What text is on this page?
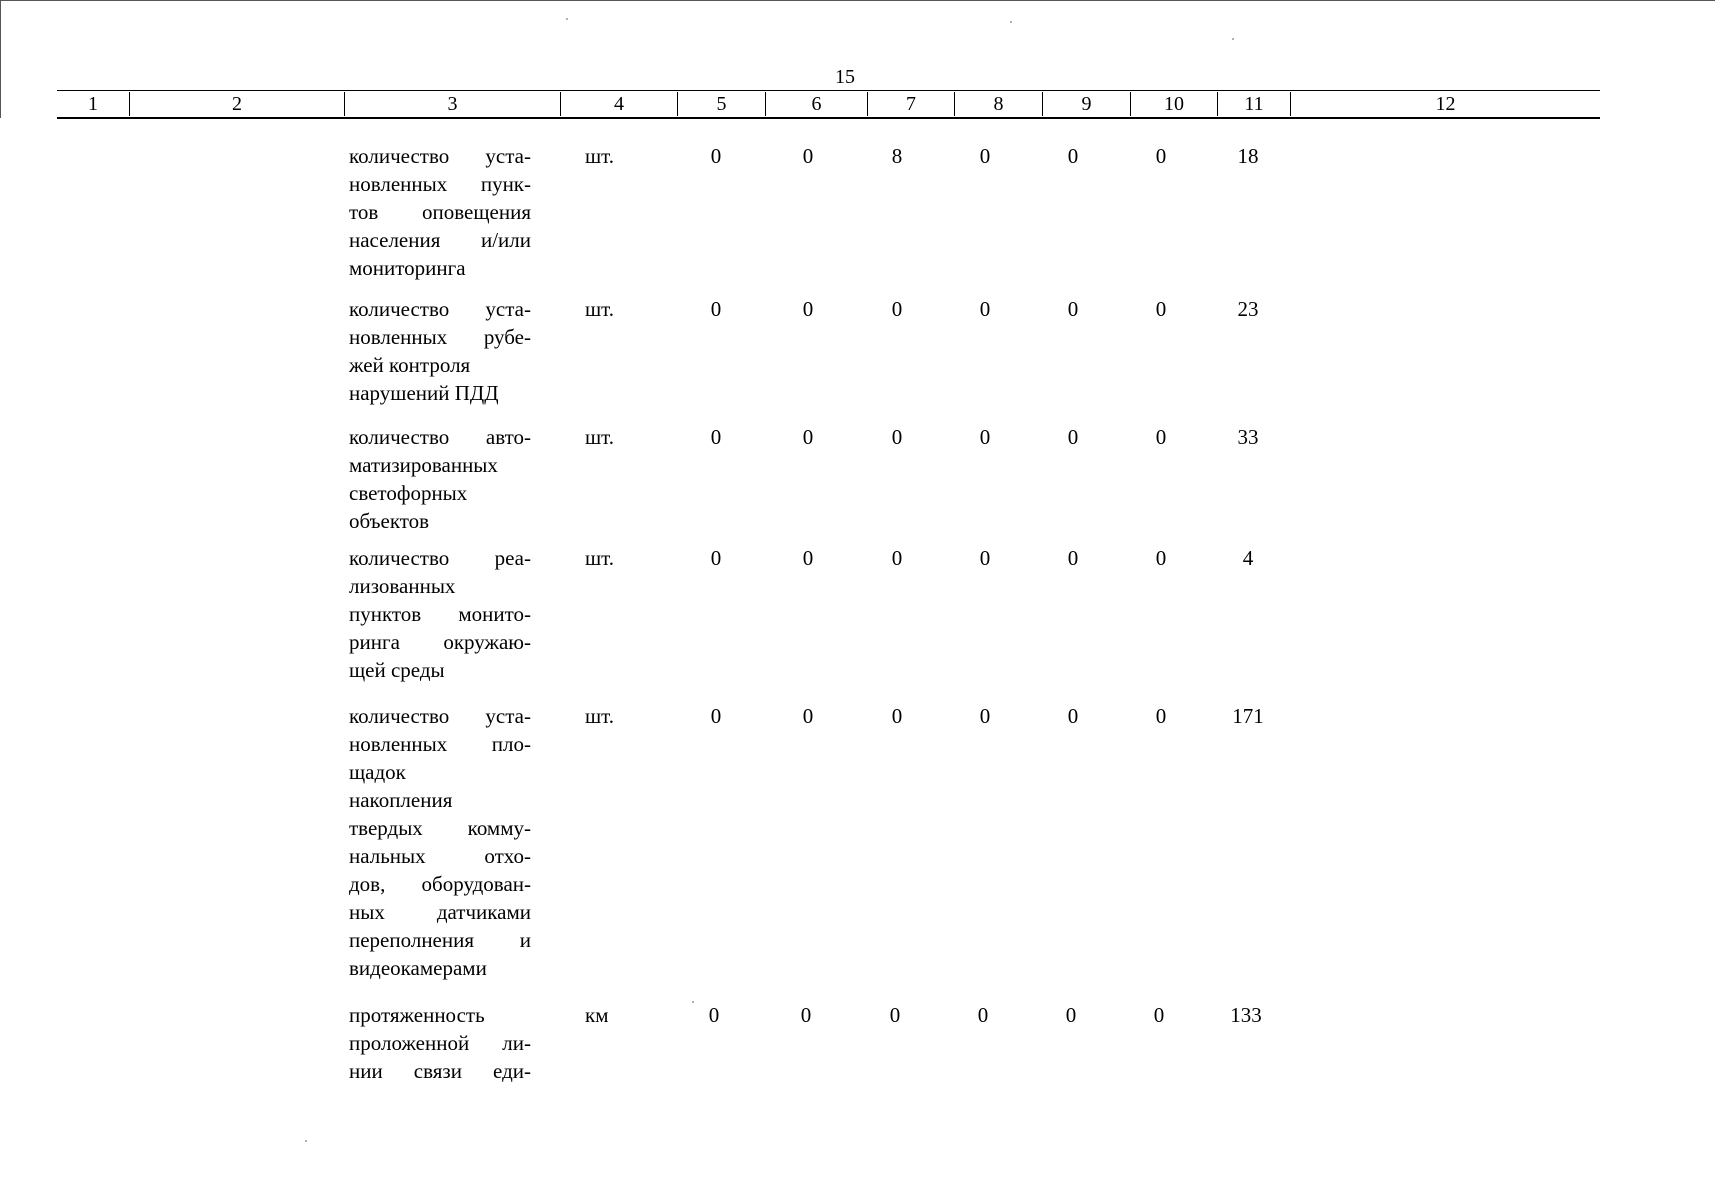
15
1	2	3	4	5	6	7	8	9	10	11	12
количество уста-
новленных пунк-
тов оповещения
населения и/или
мониторинга
шт.	0	0	8	0	0	0	18
количество уста-
новленных рубе-
жей контроля
нарушений ПДД
шт.	0	0	0	0	0	0	23
количество авто-
матизированных
светофорных
объектов
шт.	0	0	0	0	0	0	33
количество реа-
лизованных
пунктов монито-
ринга окружаю-
щей среды
шт.	0	0	0	0	0	0	4
количество уста-
новленных пло-
щадок
накопления
твердых комму-
нальных отхо-
дов, оборудован-
ных датчиками
переполнения и
видеокамерами
шт.	0	0	0	0	0	0	171
протяженность
проложенной ли-
нии связи еди-
км	0	0	0	0	0	0	133
